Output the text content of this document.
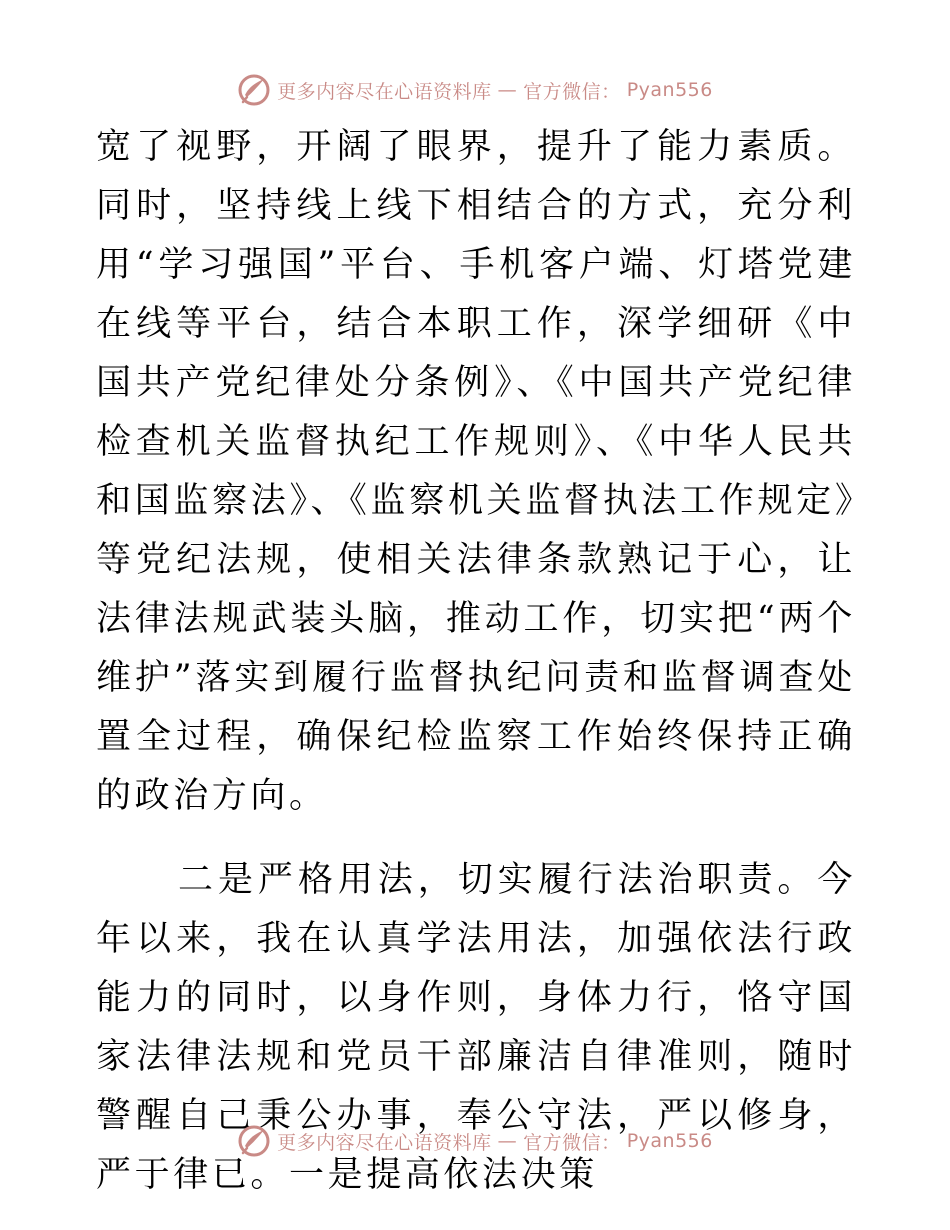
更多内容尽在心语资料库 — 官方微信： Pyan556

宽了视野，开阔了眼界，提升了能力素质。同时，坚持线上线下相结合的方式，充分利用“学习强国”平台、手机客户端、灯塔党建在线等平台，结合本职工作，深学细研《中国共产党纪律处分条例》、《中国共产党纪律检查机关监督执纪工作规则》、《中华人民共和国监察法》、《监察机关监督执法工作规定》等党纪法规，使相关法律条款熟记于心，让法律法规武装头脑，推动工作，切实把“两个维护”落实到履行监督执纪问责和监督调查处置全过程，确保纪检监察工作始终保持正确的政治方向。

二是严格用法，切实履行法治职责。今年以来，我在认真学法用法，加强依法行政能力的同时，以身作则，身体力行，恪守国家法律法规和党员干部廉洁自律准则，随时警醒自己秉公办事，奉公守法，严以修身，严于律已。一是提高依法决策

更多内容尽在心语资料库 — 官方微信： Pyan556
